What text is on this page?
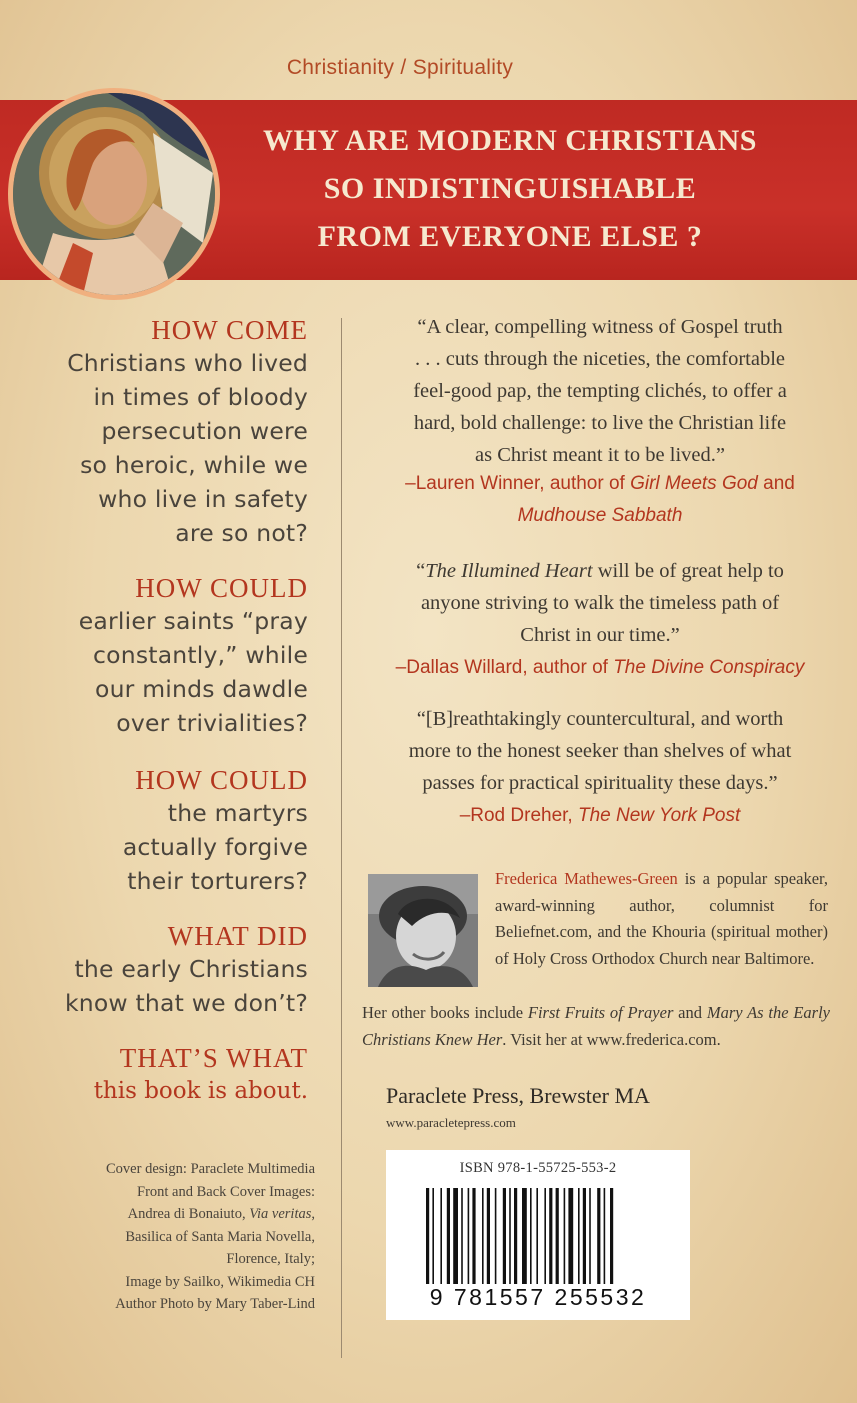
Christianity / Spirituality
WHY ARE MODERN CHRISTIANS
SO INDISTINGUISHABLE
FROM EVERYONE ELSE ?
HOW COME
Christians who lived
in times of bloody
persecution were
so heroic, while we
who live in safety
are so not?
HOW COULD
earlier saints “pray
constantly,” while
our minds dawdle
over trivialities?
HOW COULD
the martyrs
actually forgive
their torturers?
WHAT DID
the early Christians
know that we don’t?
THAT’S WHAT
this book is about.
Cover design: Paraclete Multimedia
Front and Back Cover Images:
Andrea di Bonaiuto, Via veritas,
Basilica of Santa Maria Novella,
Florence, Italy;
Image by Sailko, Wikimedia CH
Author Photo by Mary Taber-Lind
“A clear, compelling witness of Gospel truth
. . . cuts through the niceties, the comfortable
feel-good pap, the tempting clichés, to offer a
hard, bold challenge: to live the Christian life
as Christ meant it to be lived.”
–Lauren Winner, author of Girl Meets God and
Mudhouse Sabbath
“The Illumined Heart will be of great help to
anyone striving to walk the timeless path of
Christ in our time.”
–Dallas Willard, author of The Divine Conspiracy
“[B]reathtakingly countercultural, and worth
more to the honest seeker than shelves of what
passes for practical spirituality these days.”
–Rod Dreher, The New York Post
Frederica Mathewes-Green is a popular speaker, award-winning author, columnist for Beliefnet.com, and the Khouria (spiritual mother) of Holy Cross Orthodox Church near Baltimore.
Her other books include First Fruits of Prayer and Mary As the Early Christians Knew Her. Visit her at www.frederica.com.
Paraclete Press, Brewster MA
www.paracletepress.com
ISBN 978-1-55725-553-2
9 781557 255532
